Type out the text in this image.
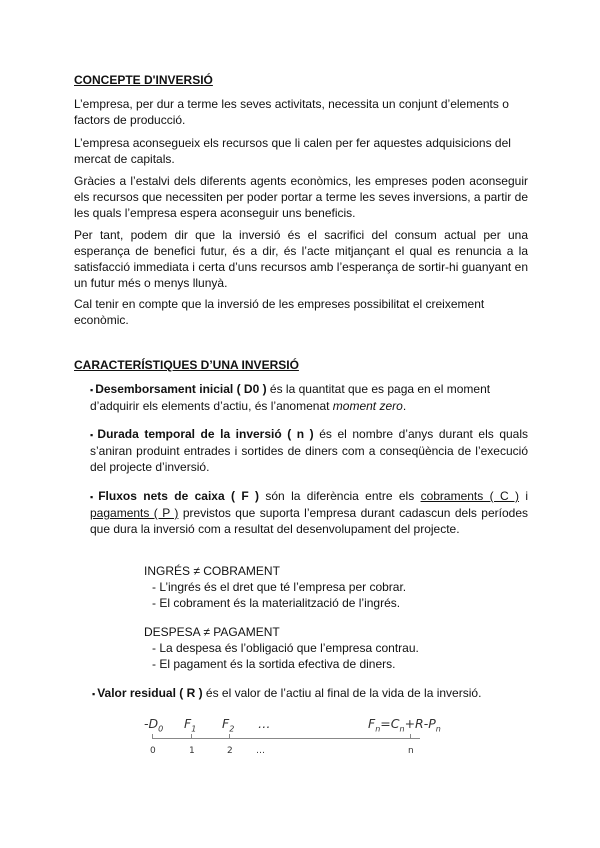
CONCEPTE D'INVERSIÓ

L’empresa, per dur a terme les seves activitats, necessita un conjunt d’elements o factors de producció.

L’empresa aconsegueix els recursos que li calen per fer aquestes adquisicions del mercat de capitals.

Gràcies a l’estalvi dels diferents agents econòmics, les empreses poden aconseguir els recursos que necessiten per poder portar a terme les seves inversions, a partir de les quals l’empresa espera aconseguir uns beneficis.

Per tant, podem dir que la inversió és el sacrifici del consum actual per una esperança de benefici futur, és a dir, és l’acte mitjançant el qual es renuncia a la satisfacció immediata i certa d’uns recursos amb l’esperança de sortir-hi guanyant en un futur més o menys llunyà.

Cal tenir en compte que la inversió de les empreses possibilitat el creixement econòmic.

CARACTERÍSTIQUES D’UNA INVERSIÓ

▪ Desemborsament inicial ( D0 ) és la quantitat que es paga en el moment d’adquirir els elements d’actiu, és l’anomenat moment zero.

▪ Durada temporal de la inversió ( n ) és el nombre d’anys durant els quals s’aniran produint entrades i sortides de diners com a conseqüència de l’execució del projecte d’inversió.

▪ Fluxos nets de caixa ( F ) són la diferència entre els cobraments ( C ) i pagaments ( P ) previstos que suporta l’empresa durant cadascun dels períodes que dura la inversió com a resultat del desenvolupament del projecte.

INGRÉS ≠ COBRAMENT
- L’ingrés és el dret que té l’empresa per cobrar.
- El cobrament és la materialització de l’ingrés.
DESPESA ≠ PAGAMENT
- La despesa és l’obligació que l’empresa contrau.
- El pagament és la sortida efectiva de diners.

▪ Valor residual ( R ) és el valor de l’actiu al final de la vida de la inversió.

$-D_0$ $F_1$ $F_2$ …	$F_n=C_n+R-P_n$
0	1	2	…	n
